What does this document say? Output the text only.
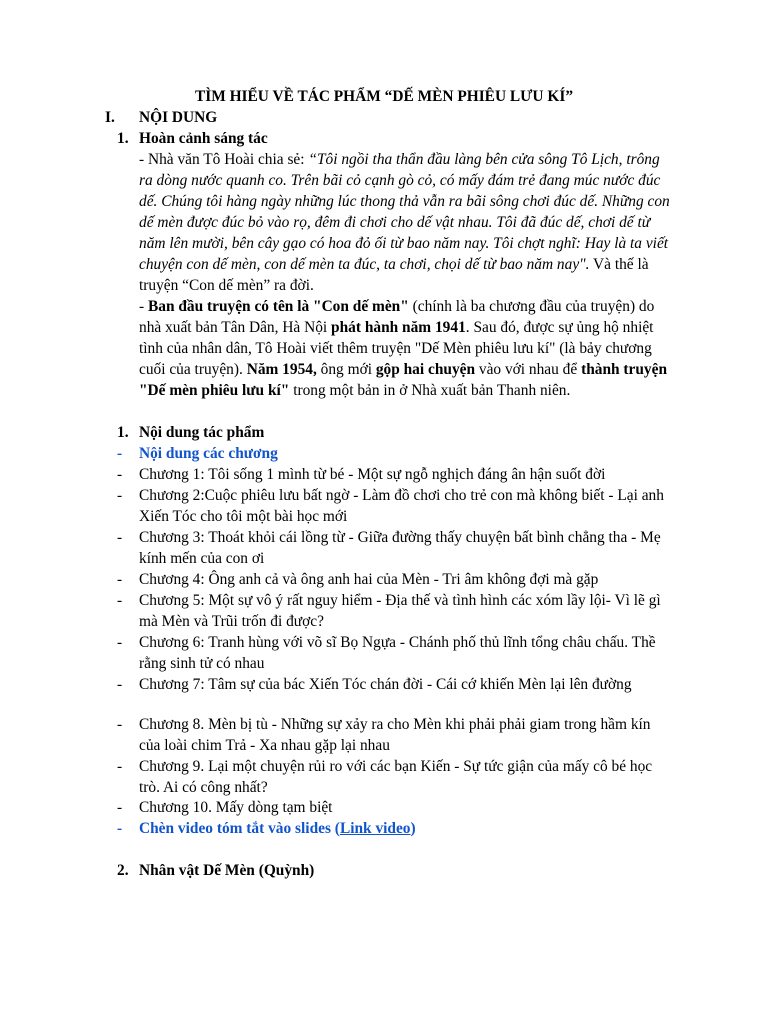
TÌM HIỂU VỀ TÁC PHẨM “DẾ MÈN PHIÊU LƯU KÍ”
I. NỘI DUNG
1. Hoàn cảnh sáng tác
- Nhà văn Tô Hoài chia sẻ: “Tôi ngồi tha thẩn đầu làng bên cửa sông Tô Lịch, trông ra dòng nước quanh co. Trên bãi cỏ cạnh gò cỏ, có mấy đám trẻ đang múc nước đúc dế. Chúng tôi hàng ngày những lúc thong thả vẫn ra bãi sông chơi đúc dế. Những con dế mèn được đúc bỏ vào rọ, đêm đi chơi cho dế vật nhau. Tôi đã đúc dế, chơi dế từ năm lên mười, bên cây gạo có hoa đỏ ối từ bao năm nay. Tôi chợt nghĩ: Hay là ta viết chuyện con dế mèn, con dế mèn ta đúc, ta chơi, chọi dế từ bao năm nay". Và thế là truyện “Con dế mèn” ra đời.
- Ban đầu truyện có tên là "Con dế mèn" (chính là ba chương đầu của truyện) do nhà xuất bản Tân Dân, Hà Nội phát hành năm 1941. Sau đó, được sự ủng hộ nhiệt tình của nhân dân, Tô Hoài viết thêm truyện "Dế Mèn phiêu lưu kí" (là bảy chương cuối của truyện). Năm 1954, ông mới gộp hai chuyện vào với nhau để thành truyện "Dế mèn phiêu lưu kí" trong một bản in ở Nhà xuất bản Thanh niên.
1. Nội dung tác phẩm
- Nội dung các chương
- Chương 1: Tôi sống 1 mình từ bé - Một sự ngỗ nghịch đáng ân hận suốt đời
- Chương 2:Cuộc phiêu lưu bất ngờ - Làm đồ chơi cho trẻ con mà không biết - Lại anh Xiến Tóc cho tôi một bài học mới
- Chương 3: Thoát khỏi cái lồng từ - Giữa đường thấy chuyện bất bình chẳng tha - Mẹ kính mến của con ơi
- Chương 4: Ông anh cả và ông anh hai của Mèn - Tri âm không đợi mà gặp
- Chương 5: Một sự vô ý rất nguy hiểm - Địa thế và tình hình các xóm lầy lội- Vì lẽ gì mà Mèn và Trũi trốn đi được?
- Chương 6: Tranh hùng với võ sĩ Bọ Ngựa - Chánh phố thủ lĩnh tổng châu chấu. Thề rằng sinh tử có nhau
- Chương 7: Tâm sự của bác Xiến Tóc chán đời - Cái cớ khiến Mèn lại lên đường
- Chương 8. Mèn bị tù - Những sự xảy ra cho Mèn khi phải phải giam trong hầm kín của loài chim Trả - Xa nhau gặp lại nhau
- Chương 9. Lại một chuyện rủi ro với các bạn Kiến - Sự tức giận của mấy cô bé học trò. Ai có công nhất?
- Chương 10. Mấy dòng tạm biệt
- Chèn video tóm tắt vào slides (Link video)
2. Nhân vật Dế Mèn (Quỳnh)
